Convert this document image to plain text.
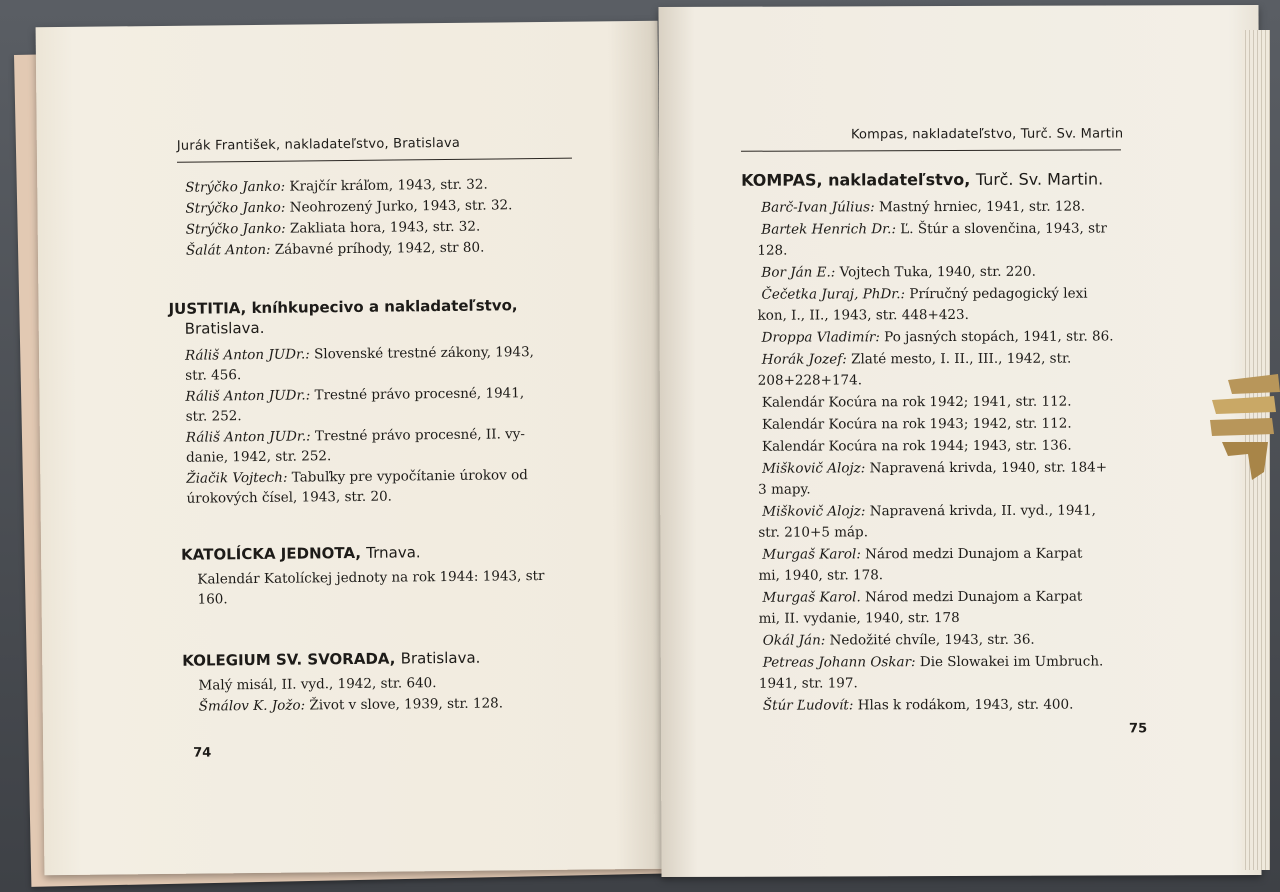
Jurák František, nakladateľstvo, Bratislava

Strýčko Janko: Krajčír kráľom, 1943, str. 32.

Strýčko Janko: Neohrozený Jurko, 1943, str. 32.

Strýčko Janko: Zakliata hora, 1943, str. 32.

Šalát Anton: Zábavné príhody, 1942, str 80.

JUSTITIA, kníhkupecivo a nakladateľstvo,

Bratislava.

Ráliš Anton JUDr.: Slovenské trestné zákony, 1943,
str. 456.

Ráliš Anton JUDr.: Trestné právo procesné, 1941,
str. 252.

Ráliš Anton JUDr.: Trestné právo procesné, II. vy-
danie, 1942, str. 252.

Žiačik Vojtech: Tabuľky pre vypočítanie úrokov od
úrokových čísel, 1943, str. 20.

KATOLÍCKA JEDNOTA, Trnava.

Kalendár Katolíckej jednoty na rok 1944: 1943, str
160.

KOLEGIUM SV. SVORADA, Bratislava.

Malý misál, II. vyd., 1942, str. 640.

Šmálov K. Jožo: Život v slove, 1939, str. 128.

74
Kompas, nakladateľstvo, Turč. Sv. Martin

KOMPAS, nakladateľstvo, Turč. Sv. Martin.

Barč-Ivan Július: Mastný hrniec, 1941, str. 128.

Bartek Henrich Dr.: Ľ. Štúr a slovenčina, 1943, str
128.

Bor Ján E.: Vojtech Tuka, 1940, str. 220.

Čečetka Juraj, PhDr.: Príručný pedagogický lexi
kon, I., II., 1943, str. 448+423.

Droppa Vladimír: Po jasných stopách, 1941, str. 86.

Horák Jozef: Zlaté mesto, I. II., III., 1942, str.
208+228+174.

Kalendár Kocúra na rok 1942; 1941, str. 112.

Kalendár Kocúra na rok 1943; 1942, str. 112.

Kalendár Kocúra na rok 1944; 1943, str. 136.

Miškovič Alojz: Napravená krivda, 1940, str. 184+
3 mapy.

Miškovič Alojz: Napravená krivda, II. vyd., 1941,
str. 210+5 máp.

Murgaš Karol: Národ medzi Dunajom a Karpat
mi, 1940, str. 178.

Murgaš Karol. Národ medzi Dunajom a Karpat
mi, II. vydanie, 1940, str. 178

Okál Ján: Nedožité chvíle, 1943, str. 36.

Petreas Johann Oskar: Die Slowakei im Umbruch.
1941, str. 197.

Štúr Ľudovít: Hlas k rodákom, 1943, str. 400.

75
